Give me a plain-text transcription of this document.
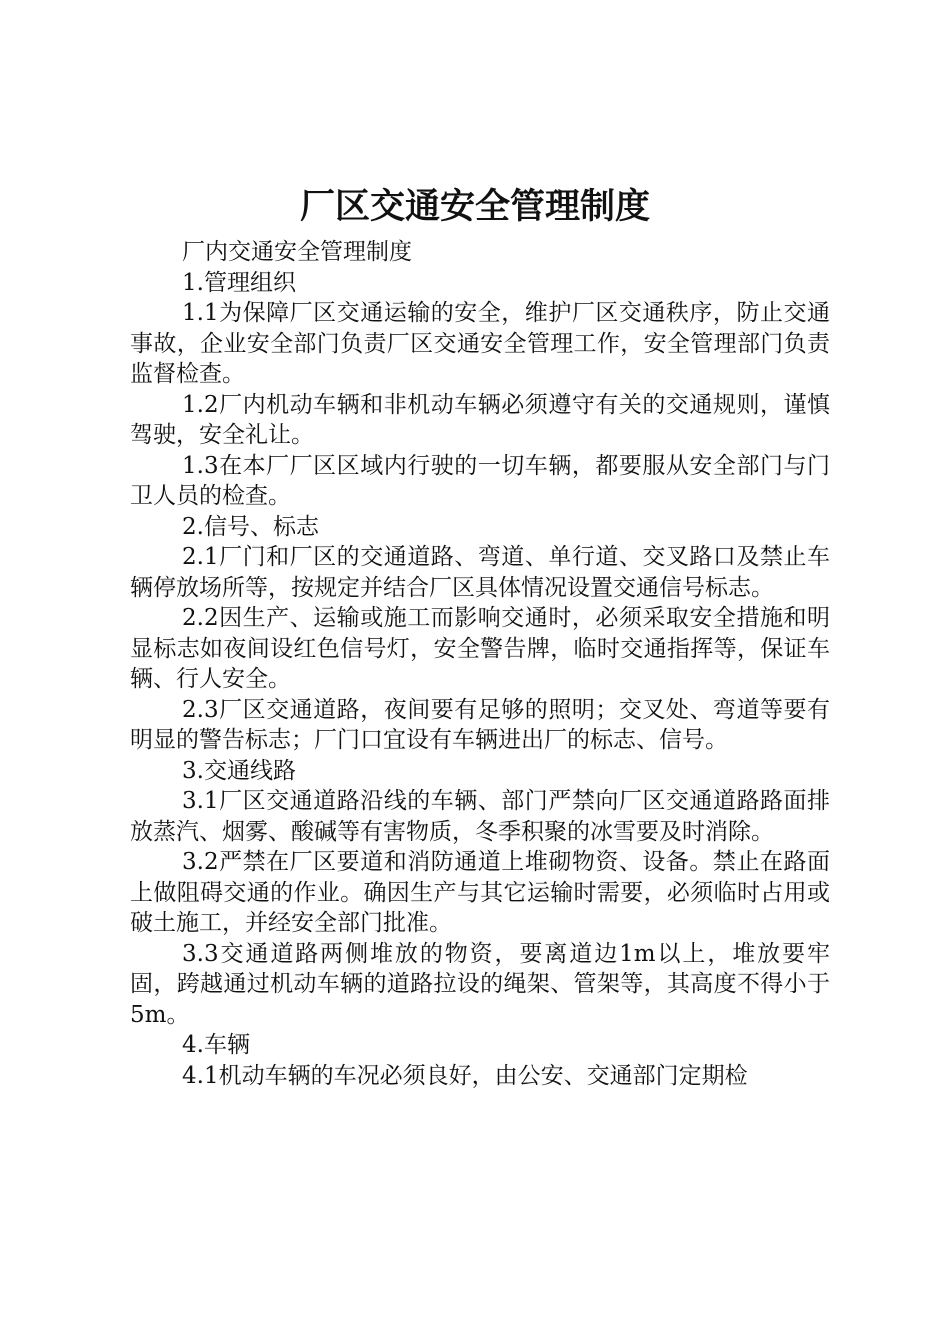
厂区交通安全管理制度

厂内交通安全管理制度

1.管理组织

1.1为保障厂区交通运输的安全，维护厂区交通秩序，防止交通事故，企业安全部门负责厂区交通安全管理工作，安全管理部门负责监督检查。

1.2厂内机动车辆和非机动车辆必须遵守有关的交通规则，谨慎驾驶，安全礼让。

1.3在本厂厂区区域内行驶的一切车辆，都要服从安全部门与门卫人员的检查。

2.信号、标志

2.1厂门和厂区的交通道路、弯道、单行道、交叉路口及禁止车辆停放场所等，按规定并结合厂区具体情况设置交通信号标志。

2.2因生产、运输或施工而影响交通时，必须采取安全措施和明显标志如夜间设红色信号灯，安全警告牌，临时交通指挥等，保证车辆、行人安全。

2.3厂区交通道路，夜间要有足够的照明；交叉处、弯道等要有明显的警告标志；厂门口宜设有车辆进出厂的标志、信号。

3.交通线路

3.1厂区交通道路沿线的车辆、部门严禁向厂区交通道路路面排放蒸汽、烟雾、酸碱等有害物质，冬季积聚的冰雪要及时消除。

3.2严禁在厂区要道和消防通道上堆砌物资、设备。禁止在路面上做阻碍交通的作业。确因生产与其它运输时需要，必须临时占用或破土施工，并经安全部门批准。

3.3交通道路两侧堆放的物资，要离道边1m以上，堆放要牢固，跨越通过机动车辆的道路拉设的绳架、管架等，其高度不得小于5m。

4.车辆

4.1机动车辆的车况必须良好，由公安、交通部门定期检
